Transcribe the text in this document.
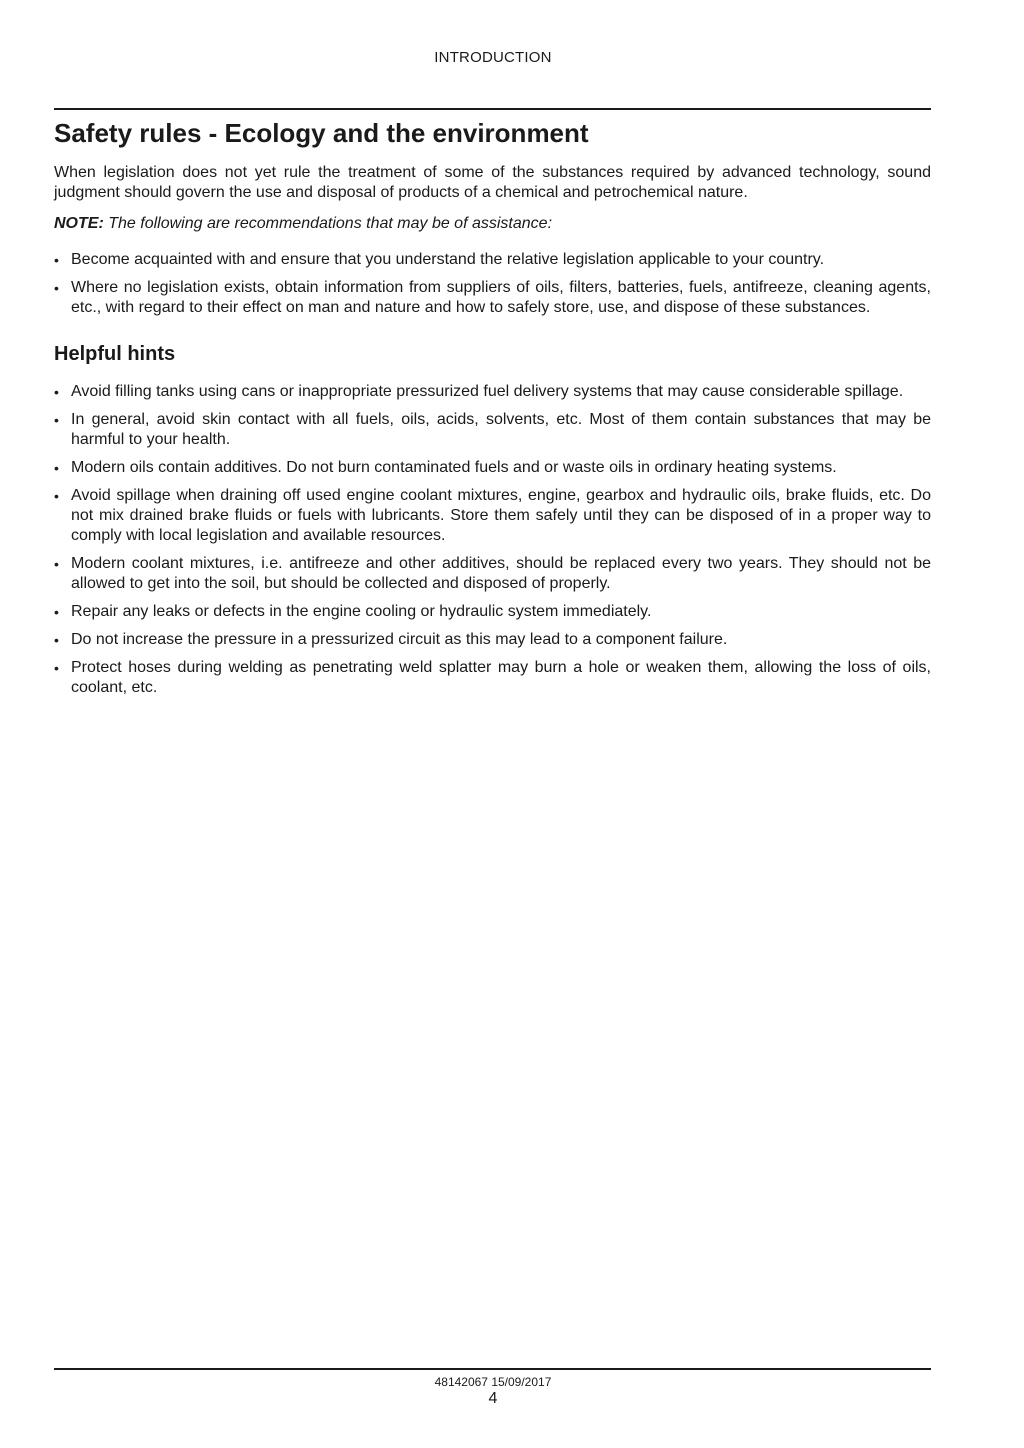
INTRODUCTION
Safety rules - Ecology and the environment

When legislation does not yet rule the treatment of some of the substances required by advanced technology, sound judgment should govern the use and disposal of products of a chemical and petrochemical nature.

NOTE: The following are recommendations that may be of assistance:

• Become acquainted with and ensure that you understand the relative legislation applicable to your country.
• Where no legislation exists, obtain information from suppliers of oils, filters, batteries, fuels, antifreeze, cleaning agents, etc., with regard to their effect on man and nature and how to safely store, use, and dispose of these substances.
Helpful hints
• Avoid filling tanks using cans or inappropriate pressurized fuel delivery systems that may cause considerable spillage.
• In general, avoid skin contact with all fuels, oils, acids, solvents, etc. Most of them contain substances that may be harmful to your health.
• Modern oils contain additives. Do not burn contaminated fuels and or waste oils in ordinary heating systems.
• Avoid spillage when draining off used engine coolant mixtures, engine, gearbox and hydraulic oils, brake fluids, etc. Do not mix drained brake fluids or fuels with lubricants. Store them safely until they can be disposed of in a proper way to comply with local legislation and available resources.
• Modern coolant mixtures, i.e. antifreeze and other additives, should be replaced every two years. They should not be allowed to get into the soil, but should be collected and disposed of properly.
• Repair any leaks or defects in the engine cooling or hydraulic system immediately.
• Do not increase the pressure in a pressurized circuit as this may lead to a component failure.
• Protect hoses during welding as penetrating weld splatter may burn a hole or weaken them, allowing the loss of oils, coolant, etc.
48142067 15/09/2017
4
